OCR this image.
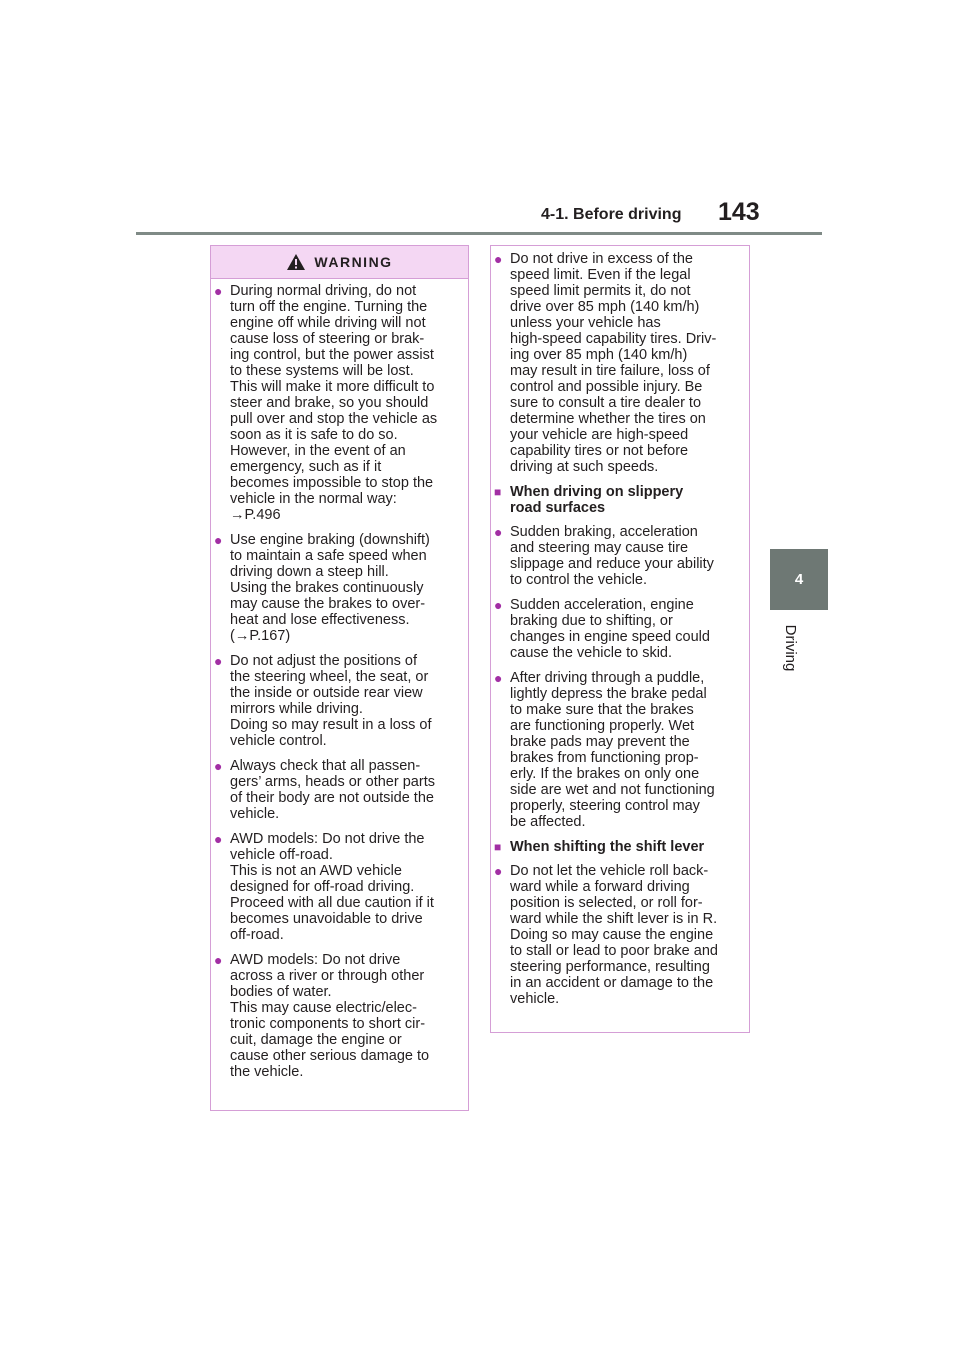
4-1. Before driving 143
4
Driving
WARNING
● During normal driving, do not
turn off the engine. Turning the
engine off while driving will not
cause loss of steering or brak-
ing control, but the power assist
to these systems will be lost.
This will make it more difficult to
steer and brake, so you should
pull over and stop the vehicle as
soon as it is safe to do so.
However, in the event of an
emergency, such as if it
becomes impossible to stop the
vehicle in the normal way:
→P.496
● Use engine braking (downshift)
to maintain a safe speed when
driving down a steep hill.
Using the brakes continuously
may cause the brakes to over-
heat and lose effectiveness.
(→P.167)
● Do not adjust the positions of
the steering wheel, the seat, or
the inside or outside rear view
mirrors while driving.
Doing so may result in a loss of
vehicle control.
● Always check that all passen-
gers’ arms, heads or other parts
of their body are not outside the
vehicle.
● AWD models: Do not drive the
vehicle off-road.
This is not an AWD vehicle
designed for off-road driving.
Proceed with all due caution if it
becomes unavoidable to drive
off-road.
● AWD models: Do not drive
across a river or through other
bodies of water.
This may cause electric/elec-
tronic components to short cir-
cuit, damage the engine or
cause other serious damage to
the vehicle.
● Do not drive in excess of the
speed limit. Even if the legal
speed limit permits it, do not
drive over 85 mph (140 km/h)
unless your vehicle has
high-speed capability tires. Driv-
ing over 85 mph (140 km/h)
may result in tire failure, loss of
control and possible injury. Be
sure to consult a tire dealer to
determine whether the tires on
your vehicle are high-speed
capability tires or not before
driving at such speeds.
■ When driving on slippery
road surfaces
● Sudden braking, acceleration
and steering may cause tire
slippage and reduce your ability
to control the vehicle.
● Sudden acceleration, engine
braking due to shifting, or
changes in engine speed could
cause the vehicle to skid.
● After driving through a puddle,
lightly depress the brake pedal
to make sure that the brakes
are functioning properly. Wet
brake pads may prevent the
brakes from functioning prop-
erly. If the brakes on only one
side are wet and not functioning
properly, steering control may
be affected.
■ When shifting the shift lever
● Do not let the vehicle roll back-
ward while a forward driving
position is selected, or roll for-
ward while the shift lever is in R.
Doing so may cause the engine
to stall or lead to poor brake and
steering performance, resulting
in an accident or damage to the
vehicle.
